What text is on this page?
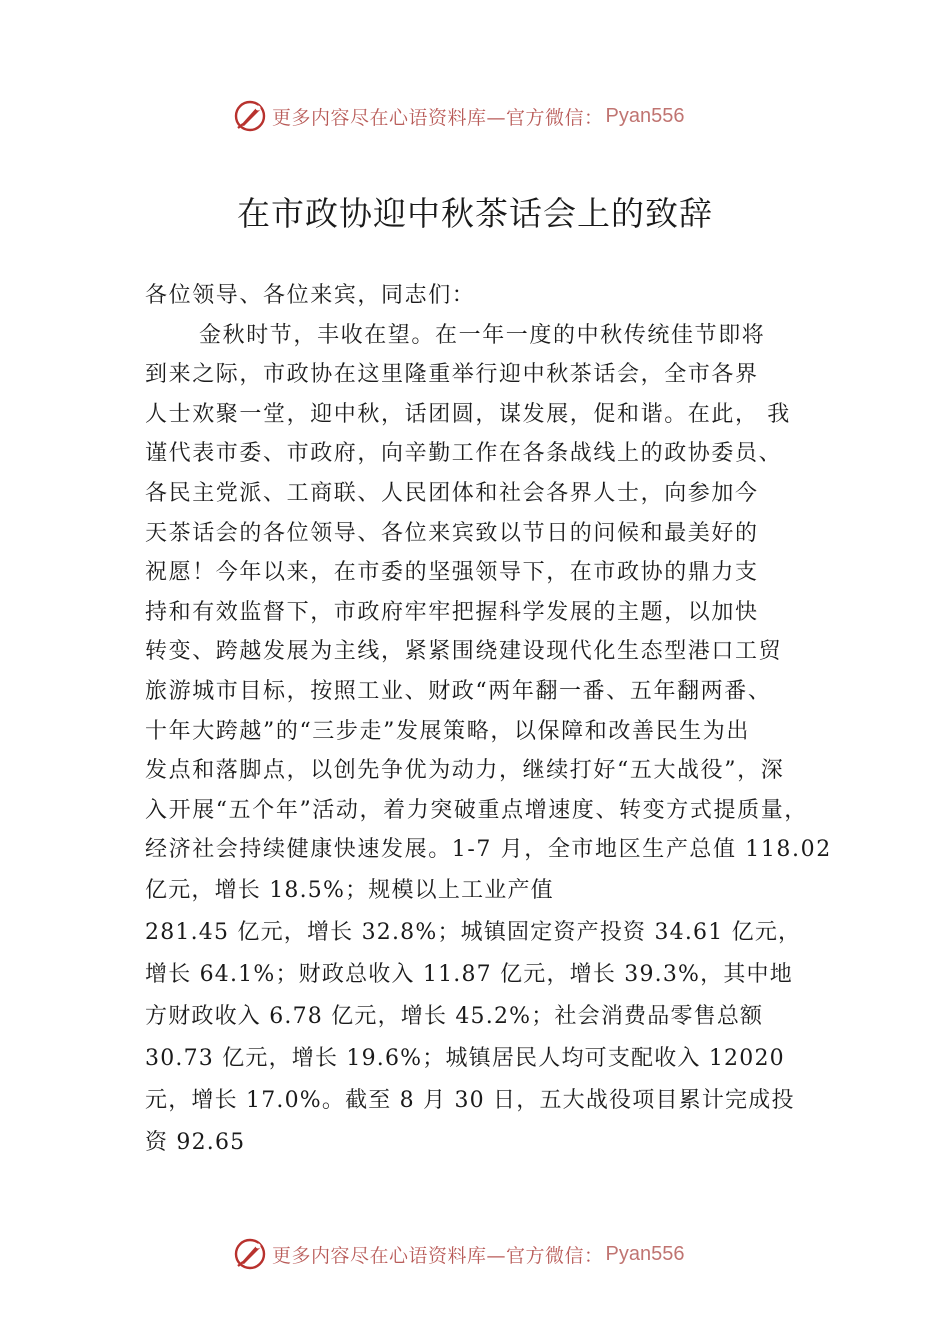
更多内容尽在心语资料库—官方微信： Pyan556
在市政协迎中秋茶话会上的致辞
各位领导、各位来宾，同志们：
金秋时节，丰收在望。在一年一度的中秋传统佳节即将
到来之际，市政协在这里隆重举行迎中秋茶话会，全市各界
人士欢聚一堂，迎中秋，话团圆，谋发展，促和谐。在此， 我
谨代表市委、市政府，向辛勤工作在各条战线上的政协委员、
各民主党派、工商联、人民团体和社会各界人士，向参加今
天茶话会的各位领导、各位来宾致以节日的问候和最美好的
祝愿！今年以来，在市委的坚强领导下，在市政协的鼎力支
持和有效监督下，市政府牢牢把握科学发展的主题，以加快
转变、跨越发展为主线，紧紧围绕建设现代化生态型港口工贸
旅游城市目标，按照工业、财政“两年翻一番、五年翻两番、
十年大跨越”的“三步走”发展策略，以保障和改善民生为出
发点和落脚点，以创先争优为动力，继续打好“五大战役”，深
入开展“五个年”活动，着力突破重点增速度、转变方式提质量，
经济社会持续健康快速发展。1-7 月，全市地区生产总值 118.02
亿元，增长 18.5%；规模以上工业产值
281.45 亿元，增长 32.8%；城镇固定资产投资 34.61 亿元，
增长 64.1%；财政总收入 11.87 亿元，增长 39.3%，其中地
方财政收入 6.78 亿元，增长 45.2%；社会消费品零售总额
30.73 亿元，增长 19.6%；城镇居民人均可支配收入 12020
元，增长 17.0%。截至 8 月 30 日，五大战役项目累计完成投
资 92.65
更多内容尽在心语资料库—官方微信： Pyan556
